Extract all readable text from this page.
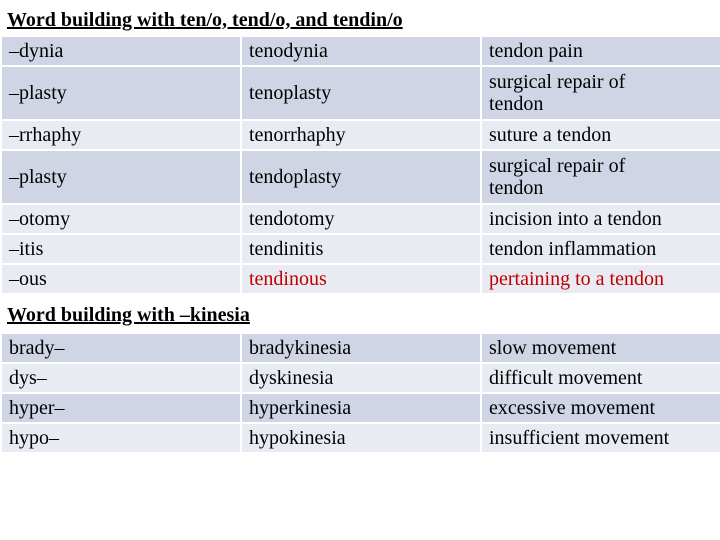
Word building with ten/o, tend/o, and tendin/o
–dynia	tenodynia	tendon pain
–plasty	tenoplasty	surgical repair of tendon
–rrhaphy	tenorrhaphy	suture a tendon
–plasty	tendoplasty	surgical repair of tendon
–otomy	tendotomy	incision into a tendon
–itis	tendinitis	tendon inflammation
–ous	tendinous	pertaining to a tendon
Word building with –kinesia
brady–	bradykinesia	slow movement
dys–	dyskinesia	difficult movement
hyper–	hyperkinesia	excessive movement
hypo–	hypokinesia	insufficient movement
